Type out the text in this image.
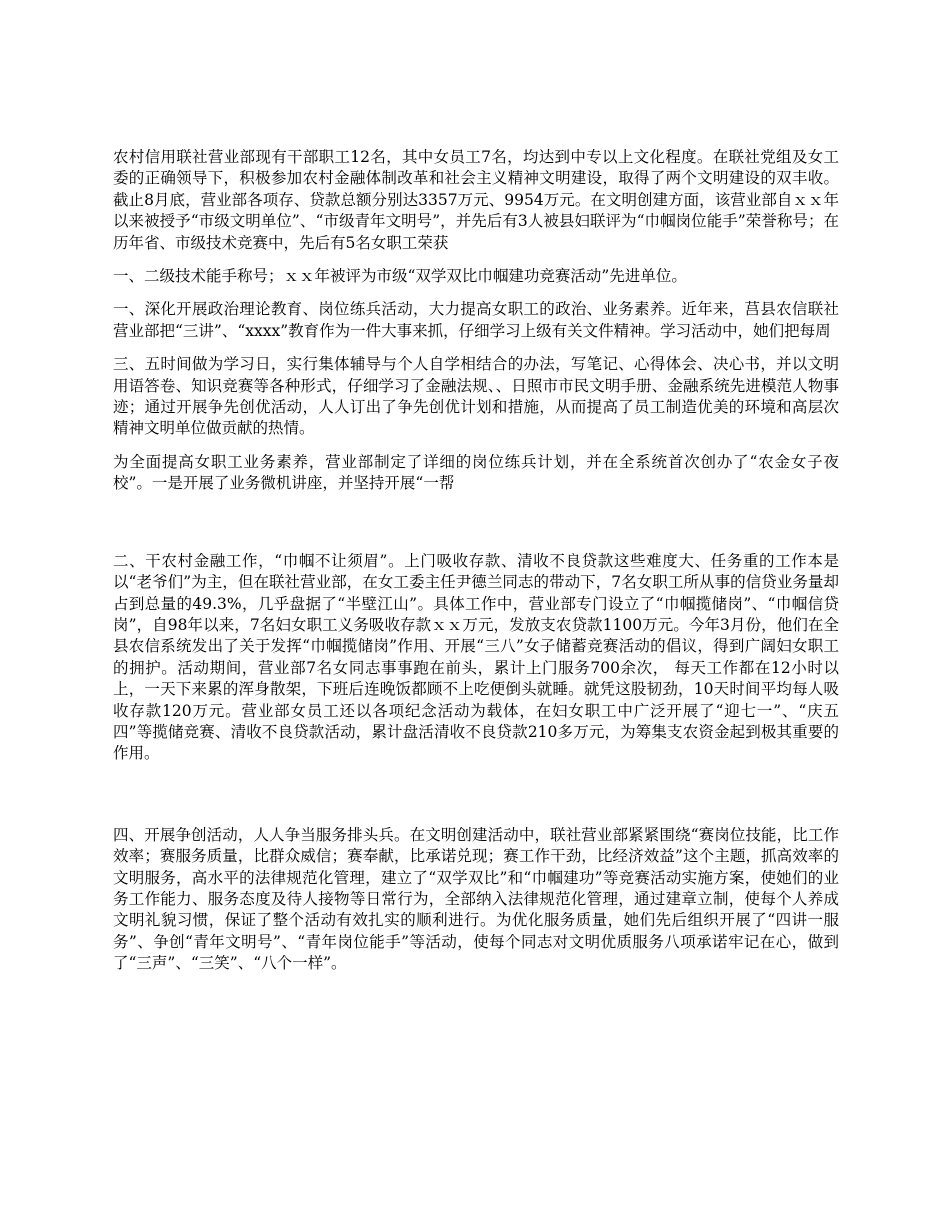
农村信用联社营业部现有干部职工12名，其中女员工7名，均达到中专以上文化程度。在联社党组及女工委的正确领导下，积极参加农村金融体制改革和社会主义精神文明建设，取得了两个文明建设的双丰收。截止8月底，营业部各项存、贷款总额分别达3357万元、9954万元。在文明创建方面，该营业部自ｘｘ年以来被授予“市级文明单位”、“市级青年文明号”，并先后有3人被县妇联评为“巾帼岗位能手”荣誉称号；在历年省、市级技术竞赛中，先后有5名女职工荣获

一、二级技术能手称号；ｘｘ年被评为市级“双学双比巾帼建功竞赛活动”先进单位。

一、深化开展政治理论教育、岗位练兵活动，大力提高女职工的政治、业务素养。近年来，莒县农信联社营业部把“三讲”、“xxxx”教育作为一件大事来抓，仔细学习上级有关文件精神。学习活动中，她们把每周

三、五时间做为学习日，实行集体辅导与个人自学相结合的办法，写笔记、心得体会、决心书，并以文明用语答卷、知识竞赛等各种形式，仔细学习了金融法规、、日照市市民文明手册、金融系统先进模范人物事迹；通过开展争先创优活动，人人订出了争先创优计划和措施，从而提高了员工制造优美的环境和高层次精神文明单位做贡献的热情。

为全面提高女职工业务素养，营业部制定了详细的岗位练兵计划，并在全系统首次创办了“农金女子夜校”。一是开展了业务微机讲座，并坚持开展“一帮

二、干农村金融工作，“巾帼不让须眉”。上门吸收存款、清收不良贷款这些难度大、任务重的工作本是以“老爷们”为主，但在联社营业部，在女工委主任尹德兰同志的带动下，7名女职工所从事的信贷业务量却占到总量的49.3%，几乎盘据了“半壁江山”。具体工作中，营业部专门设立了“巾帼揽储岗”、“巾帼信贷岗”，自98年以来，7名妇女职工义务吸收存款ｘｘ万元，发放支农贷款1100万元。今年3月份，他们在全县农信系统发出了关于发挥“巾帼揽储岗”作用、开展“三八”女子储蓄竞赛活动的倡议，得到广阔妇女职工的拥护。活动期间，营业部7名女同志事事跑在前头，累计上门服务700余次， 每天工作都在12小时以上，一天下来累的浑身散架，下班后连晚饭都顾不上吃便倒头就睡。就凭这股韧劲，10天时间平均每人吸收存款120万元。营业部女员工还以各项纪念活动为载体，在妇女职工中广泛开展了“迎七一”、“庆五四”等揽储竞赛、清收不良贷款活动，累计盘活清收不良贷款210多万元，为筹集支农资金起到极其重要的作用。

四、开展争创活动，人人争当服务排头兵。在文明创建活动中，联社营业部紧紧围绕“赛岗位技能，比工作效率；赛服务质量，比群众威信；赛奉献，比承诺兑现；赛工作干劲，比经济效益”这个主题，抓高效率的文明服务，高水平的法律规范化管理，建立了“双学双比”和“巾帼建功”等竞赛活动实施方案，使她们的业务工作能力、服务态度及待人接物等日常行为，全部纳入法律规范化管理，通过建章立制，使每个人养成文明礼貌习惯，保证了整个活动有效扎实的顺利进行。为优化服务质量，她们先后组织开展了“四讲一服务”、争创“青年文明号”、“青年岗位能手”等活动，使每个同志对文明优质服务八项承诺牢记在心，做到了“三声”、“三笑”、“八个一样”。
